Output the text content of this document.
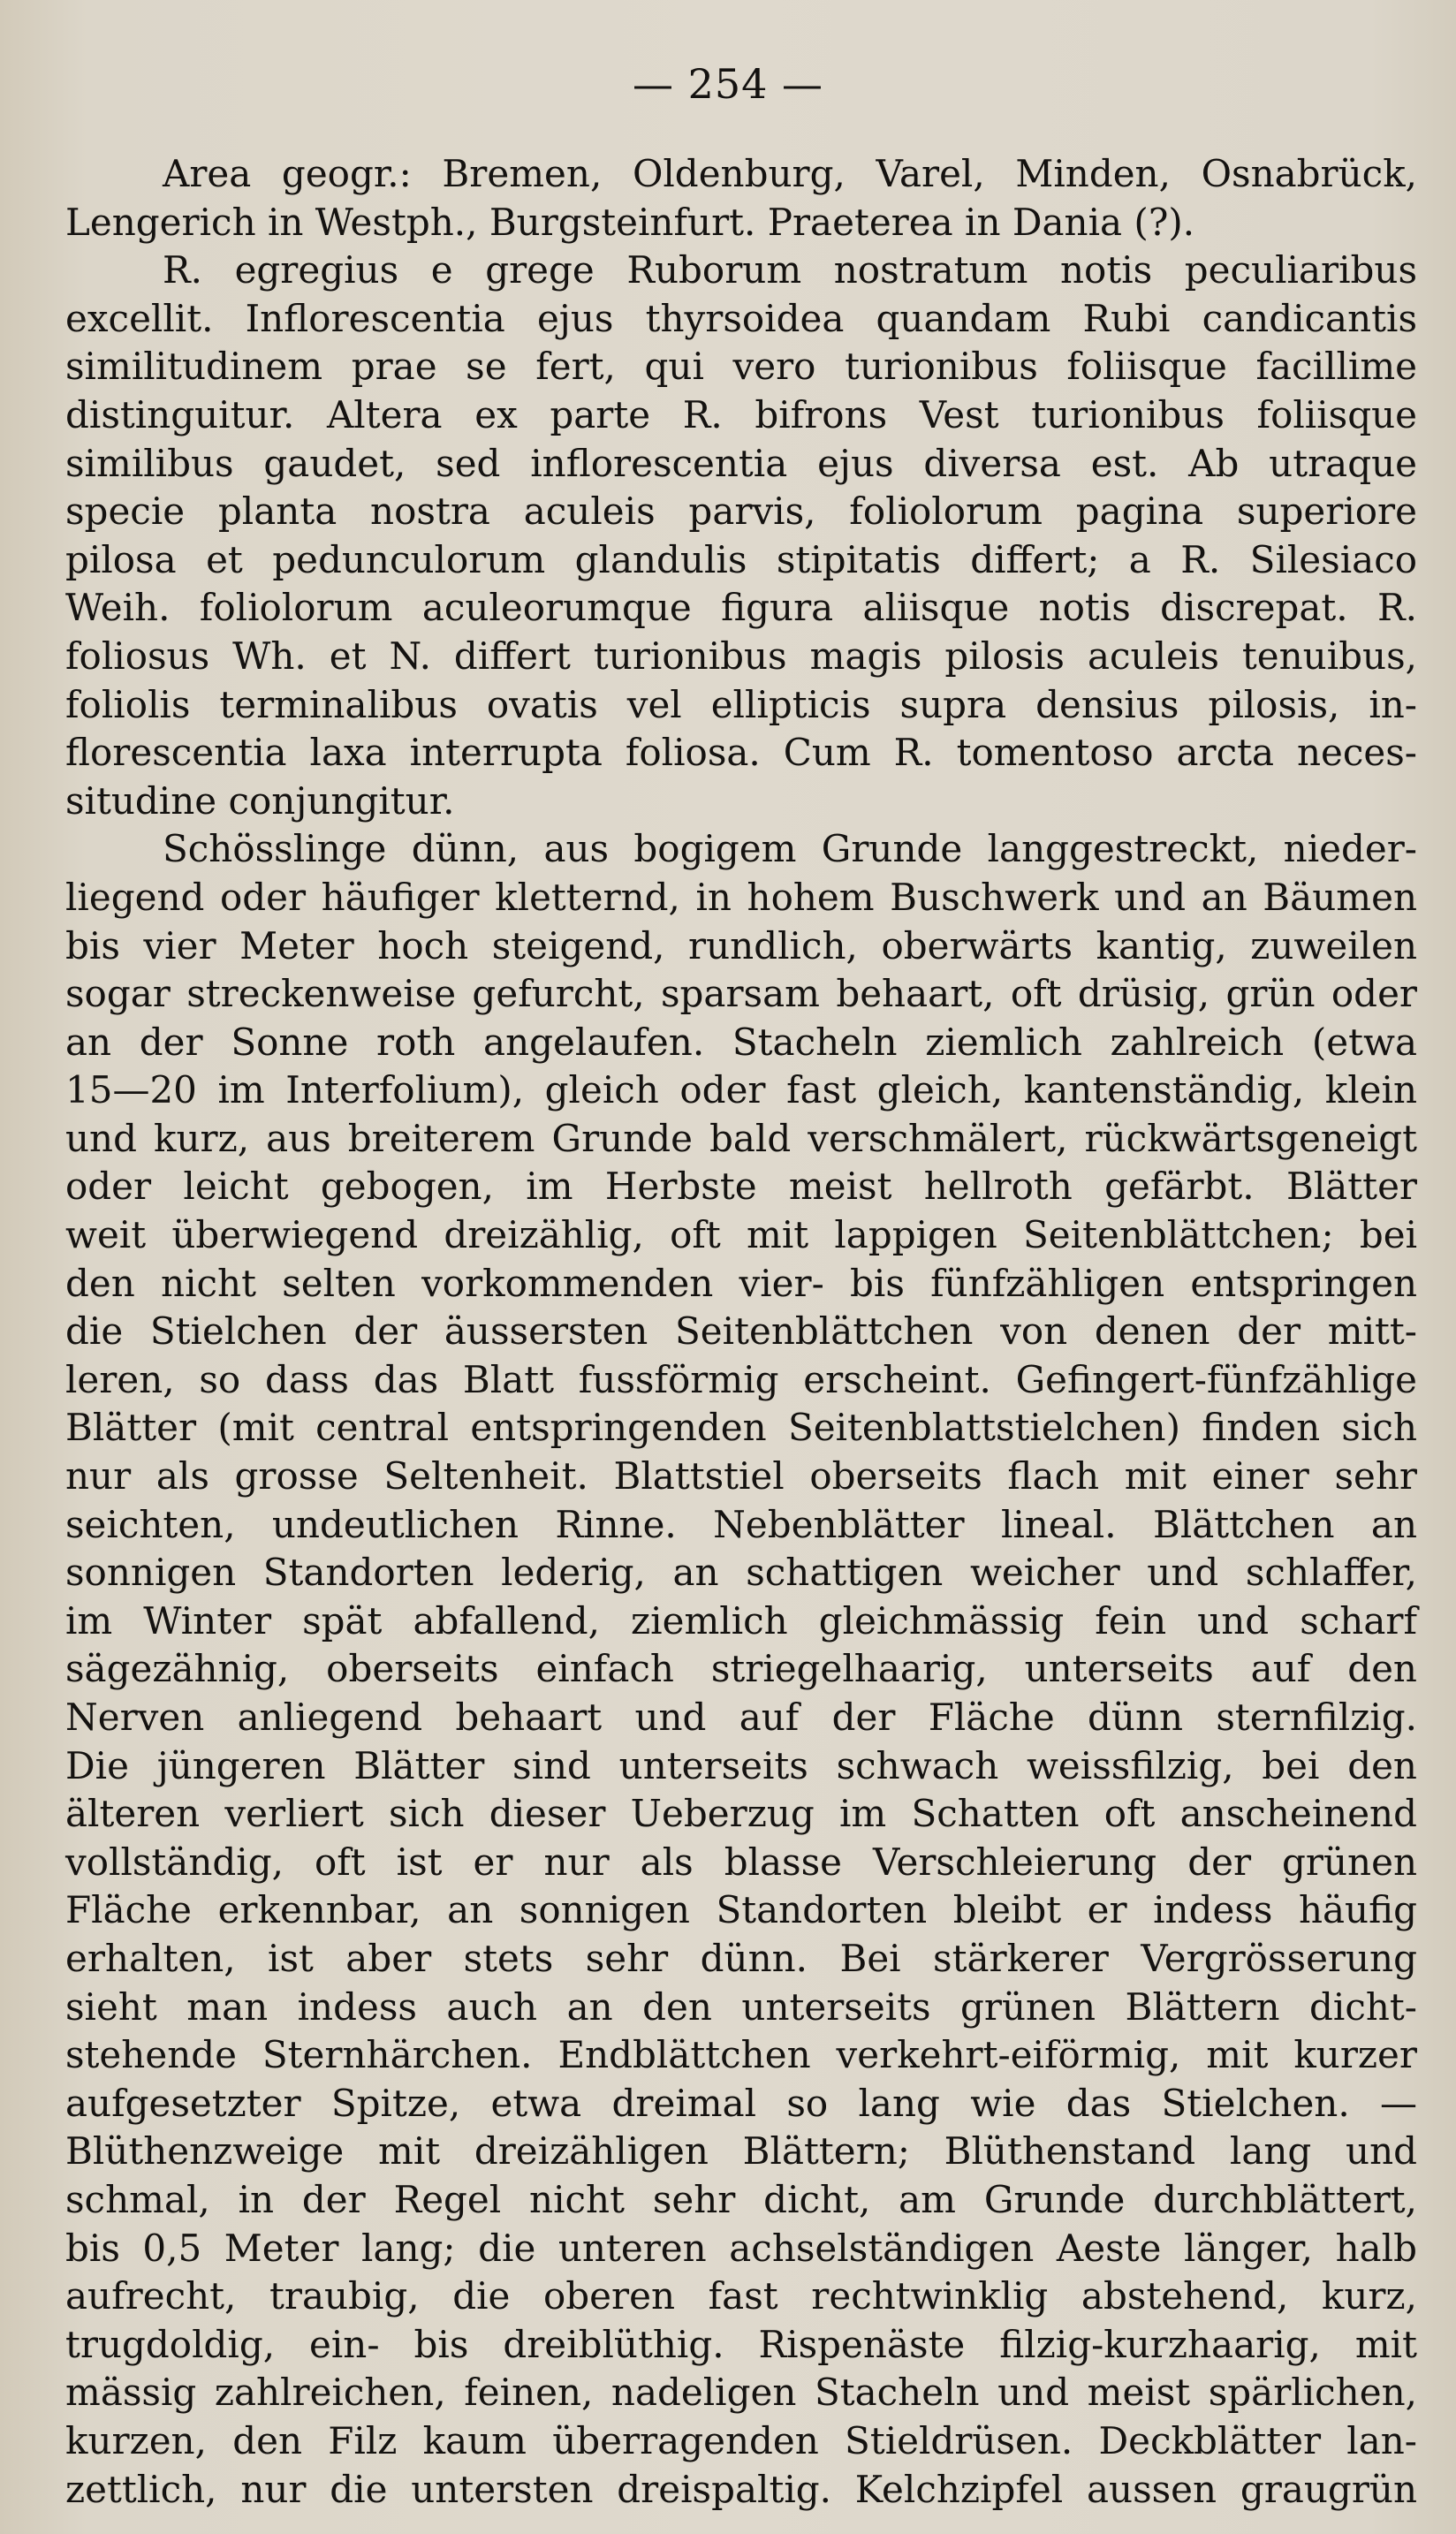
— 254 —
Area geogr.: Bremen, Oldenburg, Varel, Minden, Osnabrück,
Lengerich in Westph., Burgsteinfurt. Praeterea in Dania (?).
R. egregius e grege Ruborum nostratum notis peculiaribus
excellit. Inflorescentia ejus thyrsoidea quandam Rubi candicantis
similitudinem prae se fert, qui vero turionibus foliisque facillime
distinguitur. Altera ex parte R. bifrons Vest turionibus foliisque
similibus gaudet, sed inflorescentia ejus diversa est. Ab utraque
specie planta nostra aculeis parvis, foliolorum pagina superiore
pilosa et pedunculorum glandulis stipitatis differt; a R. Silesiaco
Weih. foliolorum aculeorumque figura aliisque notis discrepat. R.
foliosus Wh. et N. differt turionibus magis pilosis aculeis tenuibus,
foliolis terminalibus ovatis vel ellipticis supra densius pilosis, in-
florescentia laxa interrupta foliosa. Cum R. tomentoso arcta neces-
situdine conjungitur.
Schösslinge dünn, aus bogigem Grunde langgestreckt, nieder-
liegend oder häufiger kletternd, in hohem Buschwerk und an Bäumen
bis vier Meter hoch steigend, rundlich, oberwärts kantig, zuweilen
sogar streckenweise gefurcht, sparsam behaart, oft drüsig, grün oder
an der Sonne roth angelaufen. Stacheln ziemlich zahlreich (etwa
15—20 im Interfolium), gleich oder fast gleich, kantenständig, klein
und kurz, aus breiterem Grunde bald verschmälert, rückwärtsgeneigt
oder leicht gebogen, im Herbste meist hellroth gefärbt. Blätter
weit überwiegend dreizählig, oft mit lappigen Seitenblättchen; bei
den nicht selten vorkommenden vier- bis fünfzähligen entspringen
die Stielchen der äussersten Seitenblättchen von denen der mitt-
leren, so dass das Blatt fussförmig erscheint. Gefingert-fünfzählige
Blätter (mit central entspringenden Seitenblattstielchen) finden sich
nur als grosse Seltenheit. Blattstiel oberseits flach mit einer sehr
seichten, undeutlichen Rinne. Nebenblätter lineal. Blättchen an
sonnigen Standorten lederig, an schattigen weicher und schlaffer,
im Winter spät abfallend, ziemlich gleichmässig fein und scharf
sägezähnig, oberseits einfach striegelhaarig, unterseits auf den
Nerven anliegend behaart und auf der Fläche dünn sternfilzig.
Die jüngeren Blätter sind unterseits schwach weissfilzig, bei den
älteren verliert sich dieser Ueberzug im Schatten oft anscheinend
vollständig, oft ist er nur als blasse Verschleierung der grünen
Fläche erkennbar, an sonnigen Standorten bleibt er indess häufig
erhalten, ist aber stets sehr dünn. Bei stärkerer Vergrösserung
sieht man indess auch an den unterseits grünen Blättern dicht-
stehende Sternhärchen. Endblättchen verkehrt-eiförmig, mit kurzer
aufgesetzter Spitze, etwa dreimal so lang wie das Stielchen. —
Blüthenzweige mit dreizähligen Blättern; Blüthenstand lang und
schmal, in der Regel nicht sehr dicht, am Grunde durchblättert,
bis 0,5 Meter lang; die unteren achselständigen Aeste länger, halb
aufrecht, traubig, die oberen fast rechtwinklig abstehend, kurz,
trugdoldig, ein- bis dreiblüthig. Rispenäste filzig-kurzhaarig, mit
mässig zahlreichen, feinen, nadeligen Stacheln und meist spärlichen,
kurzen, den Filz kaum überragenden Stieldrüsen. Deckblätter lan-
zettlich, nur die untersten dreispaltig. Kelchzipfel aussen graugrün
